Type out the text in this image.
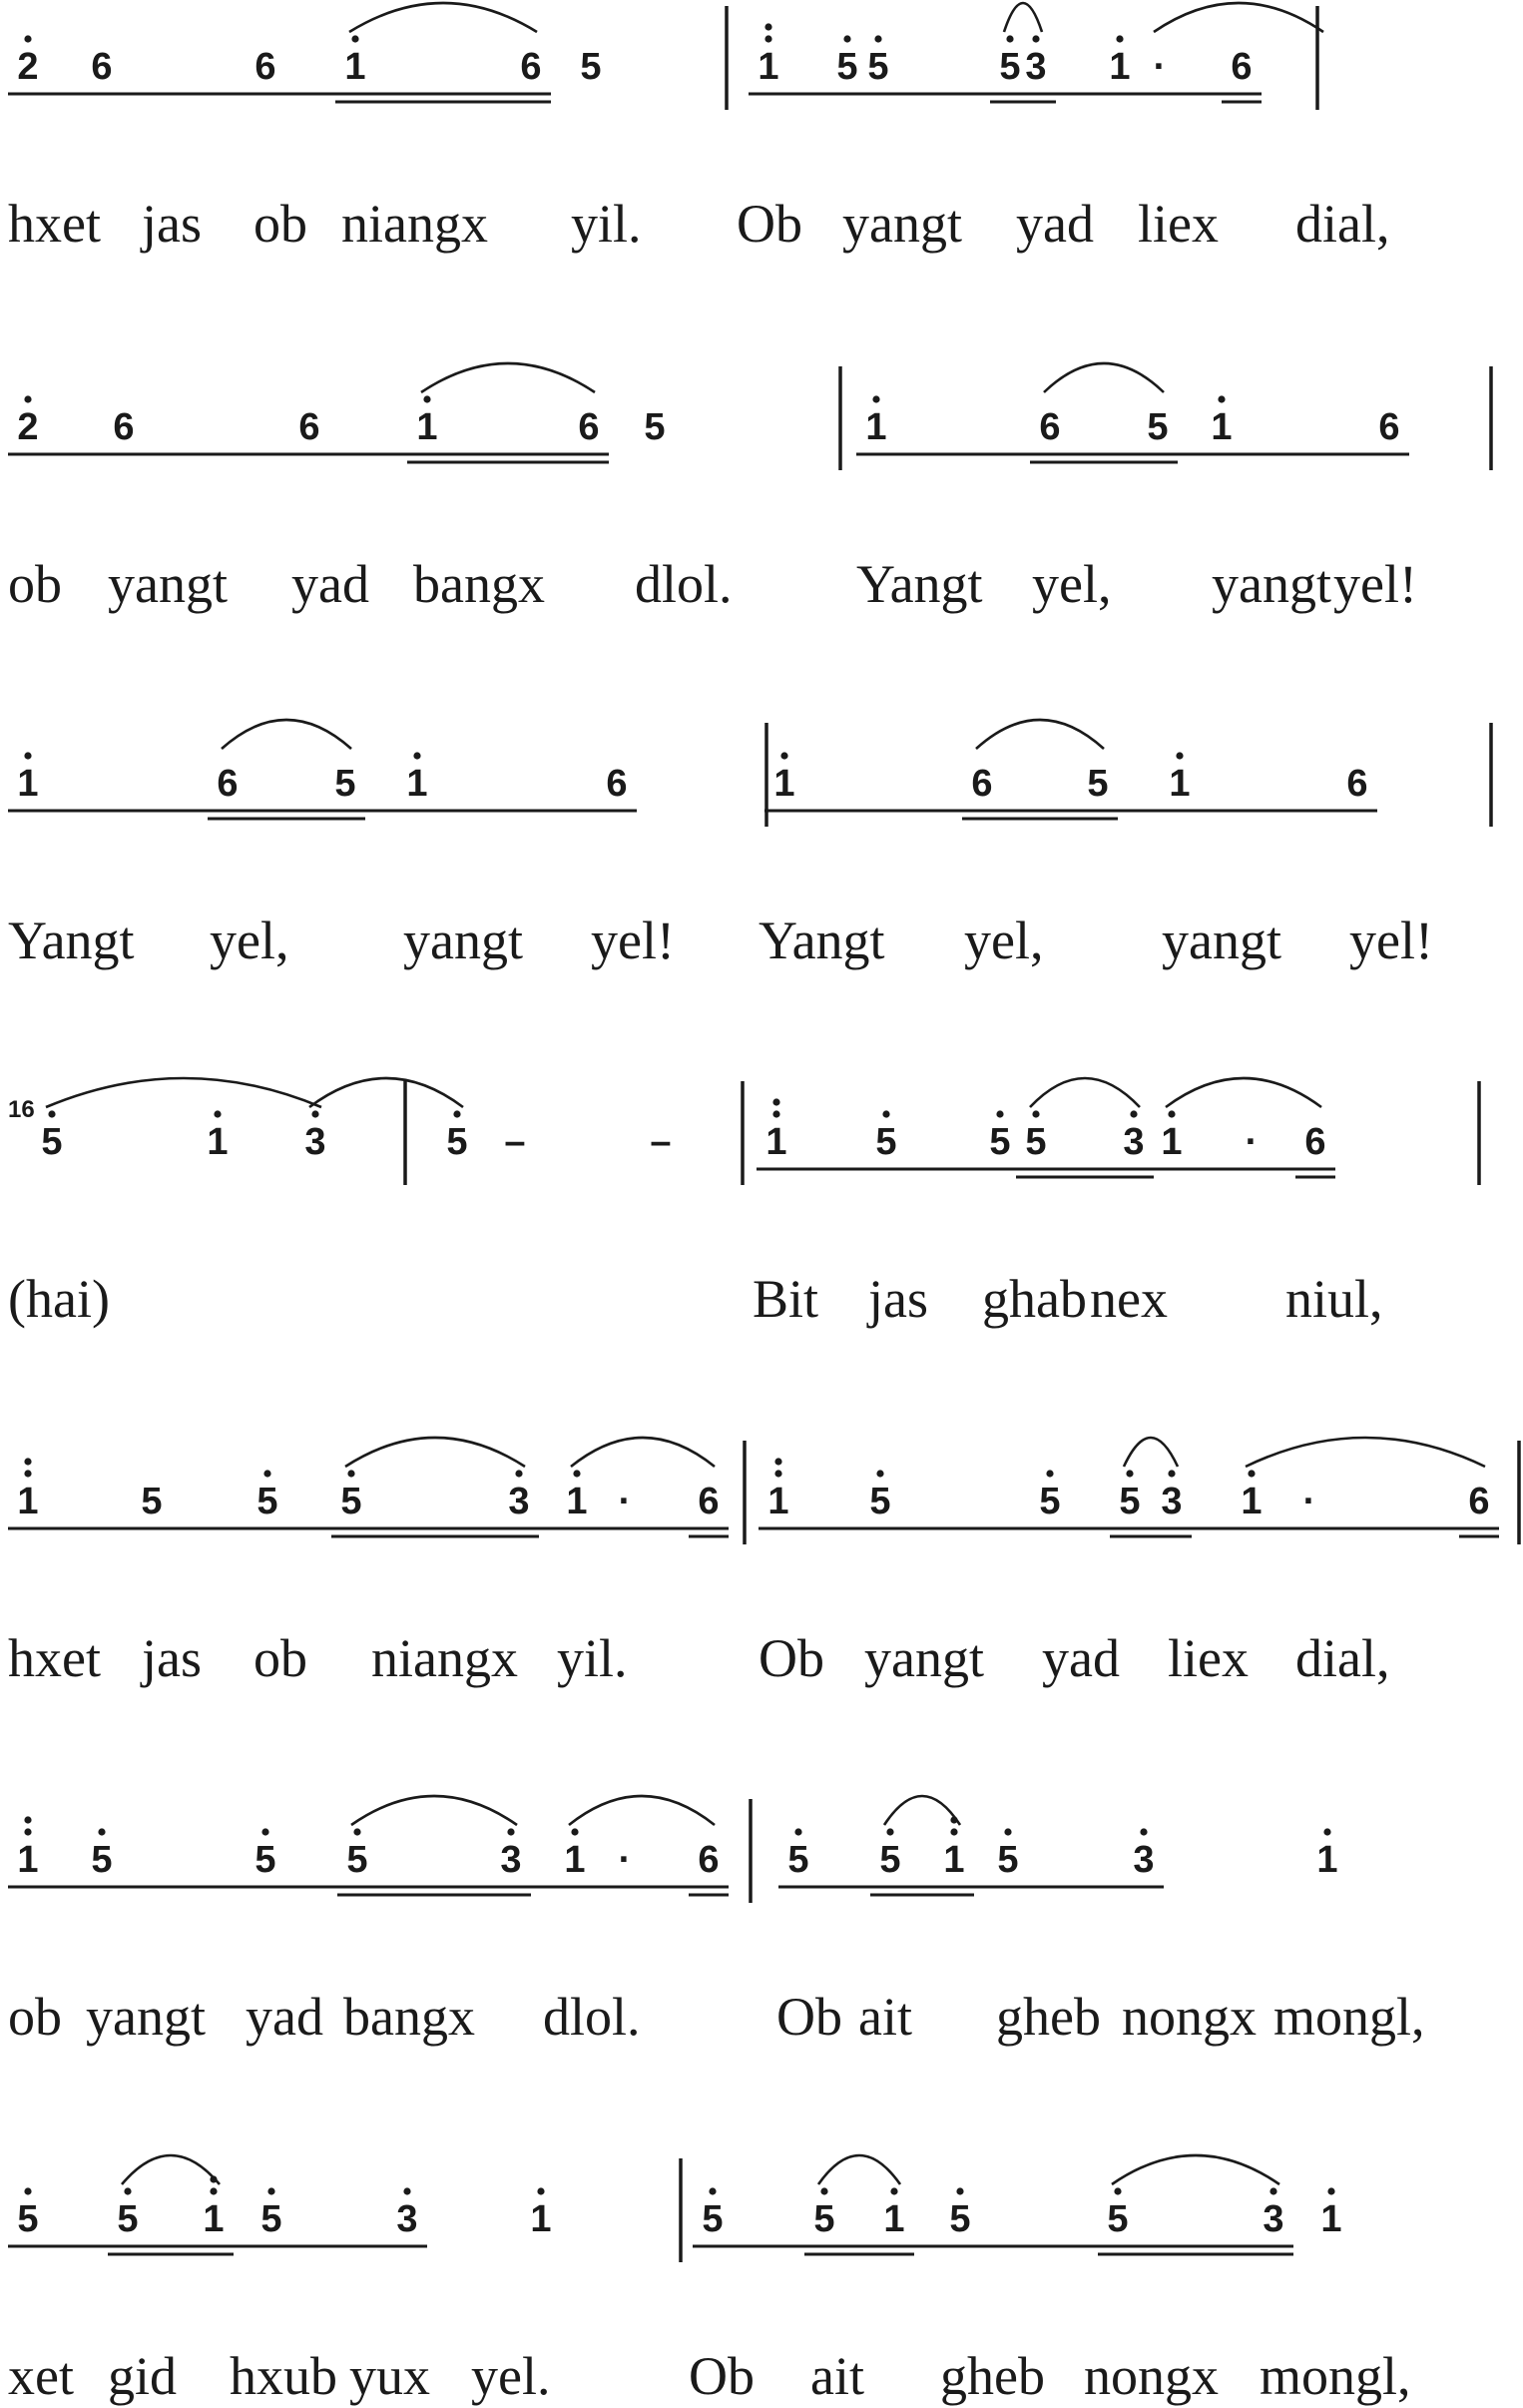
2 6	6 1	6 5	1 5 5	5 3 1 · 6
hxet jas ob niangx yil. Ob yangt yad liex dial,
2 6	6	1	6 5	1	6 5 1	6
ob yangt yad bangx dlol. Yangt yel, yangt yel!
1	6	5 1	6	1	6 5 1	6
Yangt yel, yangt yel! Yangt yel, yangt yel!
5	1 3	5 –	– 1 5 5 5 3 1 · 6
16
(hai)	Bit jas ghab nex niul,
1	5 5 5	3 1 · 6 1 5	5 5 3 1 ·	6
hxet jas ob niangx yil. Ob yangt yad liex dial,
1 5	5 5	3 1 · 6 5 5 1 5	3	1
ob yangt yad bangx dlol.	Ob ait gheb nongx mongl,
5 5 1 5	3	1	5 5 1 5	5	3 1
xet gid hxub yux yel.	Ob ait gheb nongx mongl,
